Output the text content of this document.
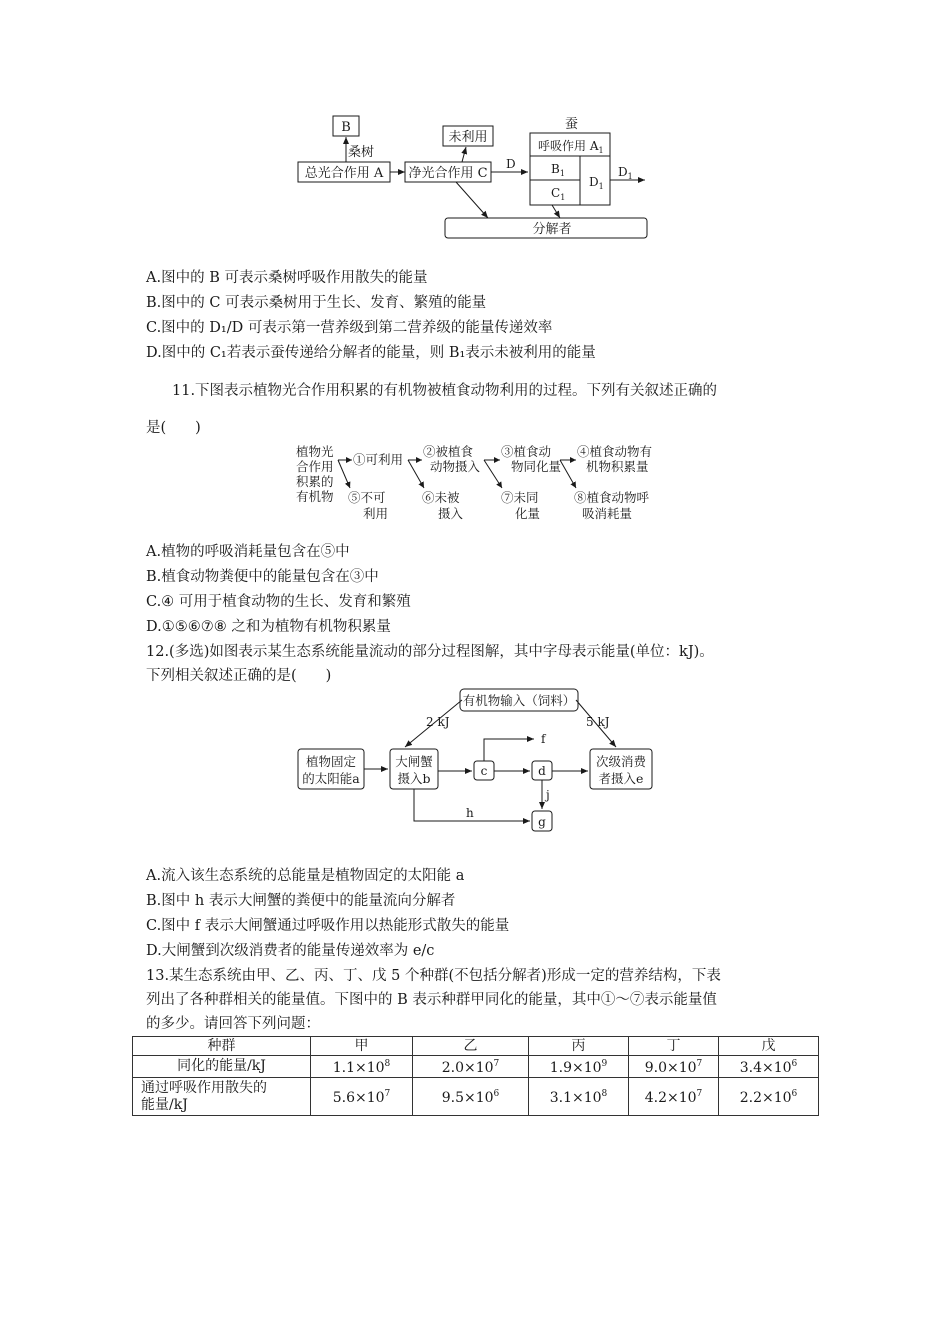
B
桑树
总光合作用 A 净光合作用 C
未利用
D
蚕
呼吸作用 $A_1$
$B_1$
$C_1$
$D_1$
$D_1$
分解者
A.图中的 B 可表示桑树呼吸作用散失的能量
B.图中的 C 可表示桑树用于生长、发育、繁殖的能量
C.图中的 D₁/D 可表示第一营养级到第二营养级的能量传递效率
D.图中的 C₁若表示蚕传递给分解者的能量，则 B₁表示未被利用的能量
11.下图表示植物光合作用积累的有机物被植食动物利用的过程。下列有关叙述正确的
是(　　)
植物光
合作用
积累的
有机物
①可利用
②被植食
动物摄入
③植食动
物同化量
④植食动物有
机物积累量
⑤不可
利用
⑥未被
摄入
⑦未同
化量
⑧植食动物呼
吸消耗量
A.植物的呼吸消耗量包含在⑤中
B.植食动物粪便中的能量包含在③中
C.④ 可用于植食动物的生长、发育和繁殖
D.①⑤⑥⑦⑧ 之和为植物有机物积累量
12.(多选)如图表示某生态系统能量流动的部分过程图解，其中字母表示能量(单位：kJ)。
下列相关叙述正确的是(　　)
有机物输入（饲料）
2 kJ	5 kJ
植物固定
的太阳能a
大闸蟹
摄入b	c
f
d
次级消费
者摄入e
j
g
h
A.流入该生态系统的总能量是植物固定的太阳能 a
B.图中 h 表示大闸蟹的粪便中的能量流向分解者
C.图中 f 表示大闸蟹通过呼吸作用以热能形式散失的能量
D.大闸蟹到次级消费者的能量传递效率为 e/c
13.某生态系统由甲、乙、丙、丁、戊 5 个种群(不包括分解者)形成一定的营养结构，下表
列出了各种群相关的能量值。下图中的 B 表示种群甲同化的能量，其中①～⑦表示能量值
的多少。请回答下列问题：
种群	甲	乙	丙	丁	戊
同化的能量/kJ	$1.1\times 10^8$	$2.0\times 10^7$	$1.9\times 10^9$	$9.0\times 10^7$	$3.4\times 10^6$
通过呼吸作用散失的
能量/kJ	$5.6\times 10^7$	$9.5\times 10^6$	$3.1\times 10^8$	$4.2\times 10^7$	$2.2\times 10^6$
